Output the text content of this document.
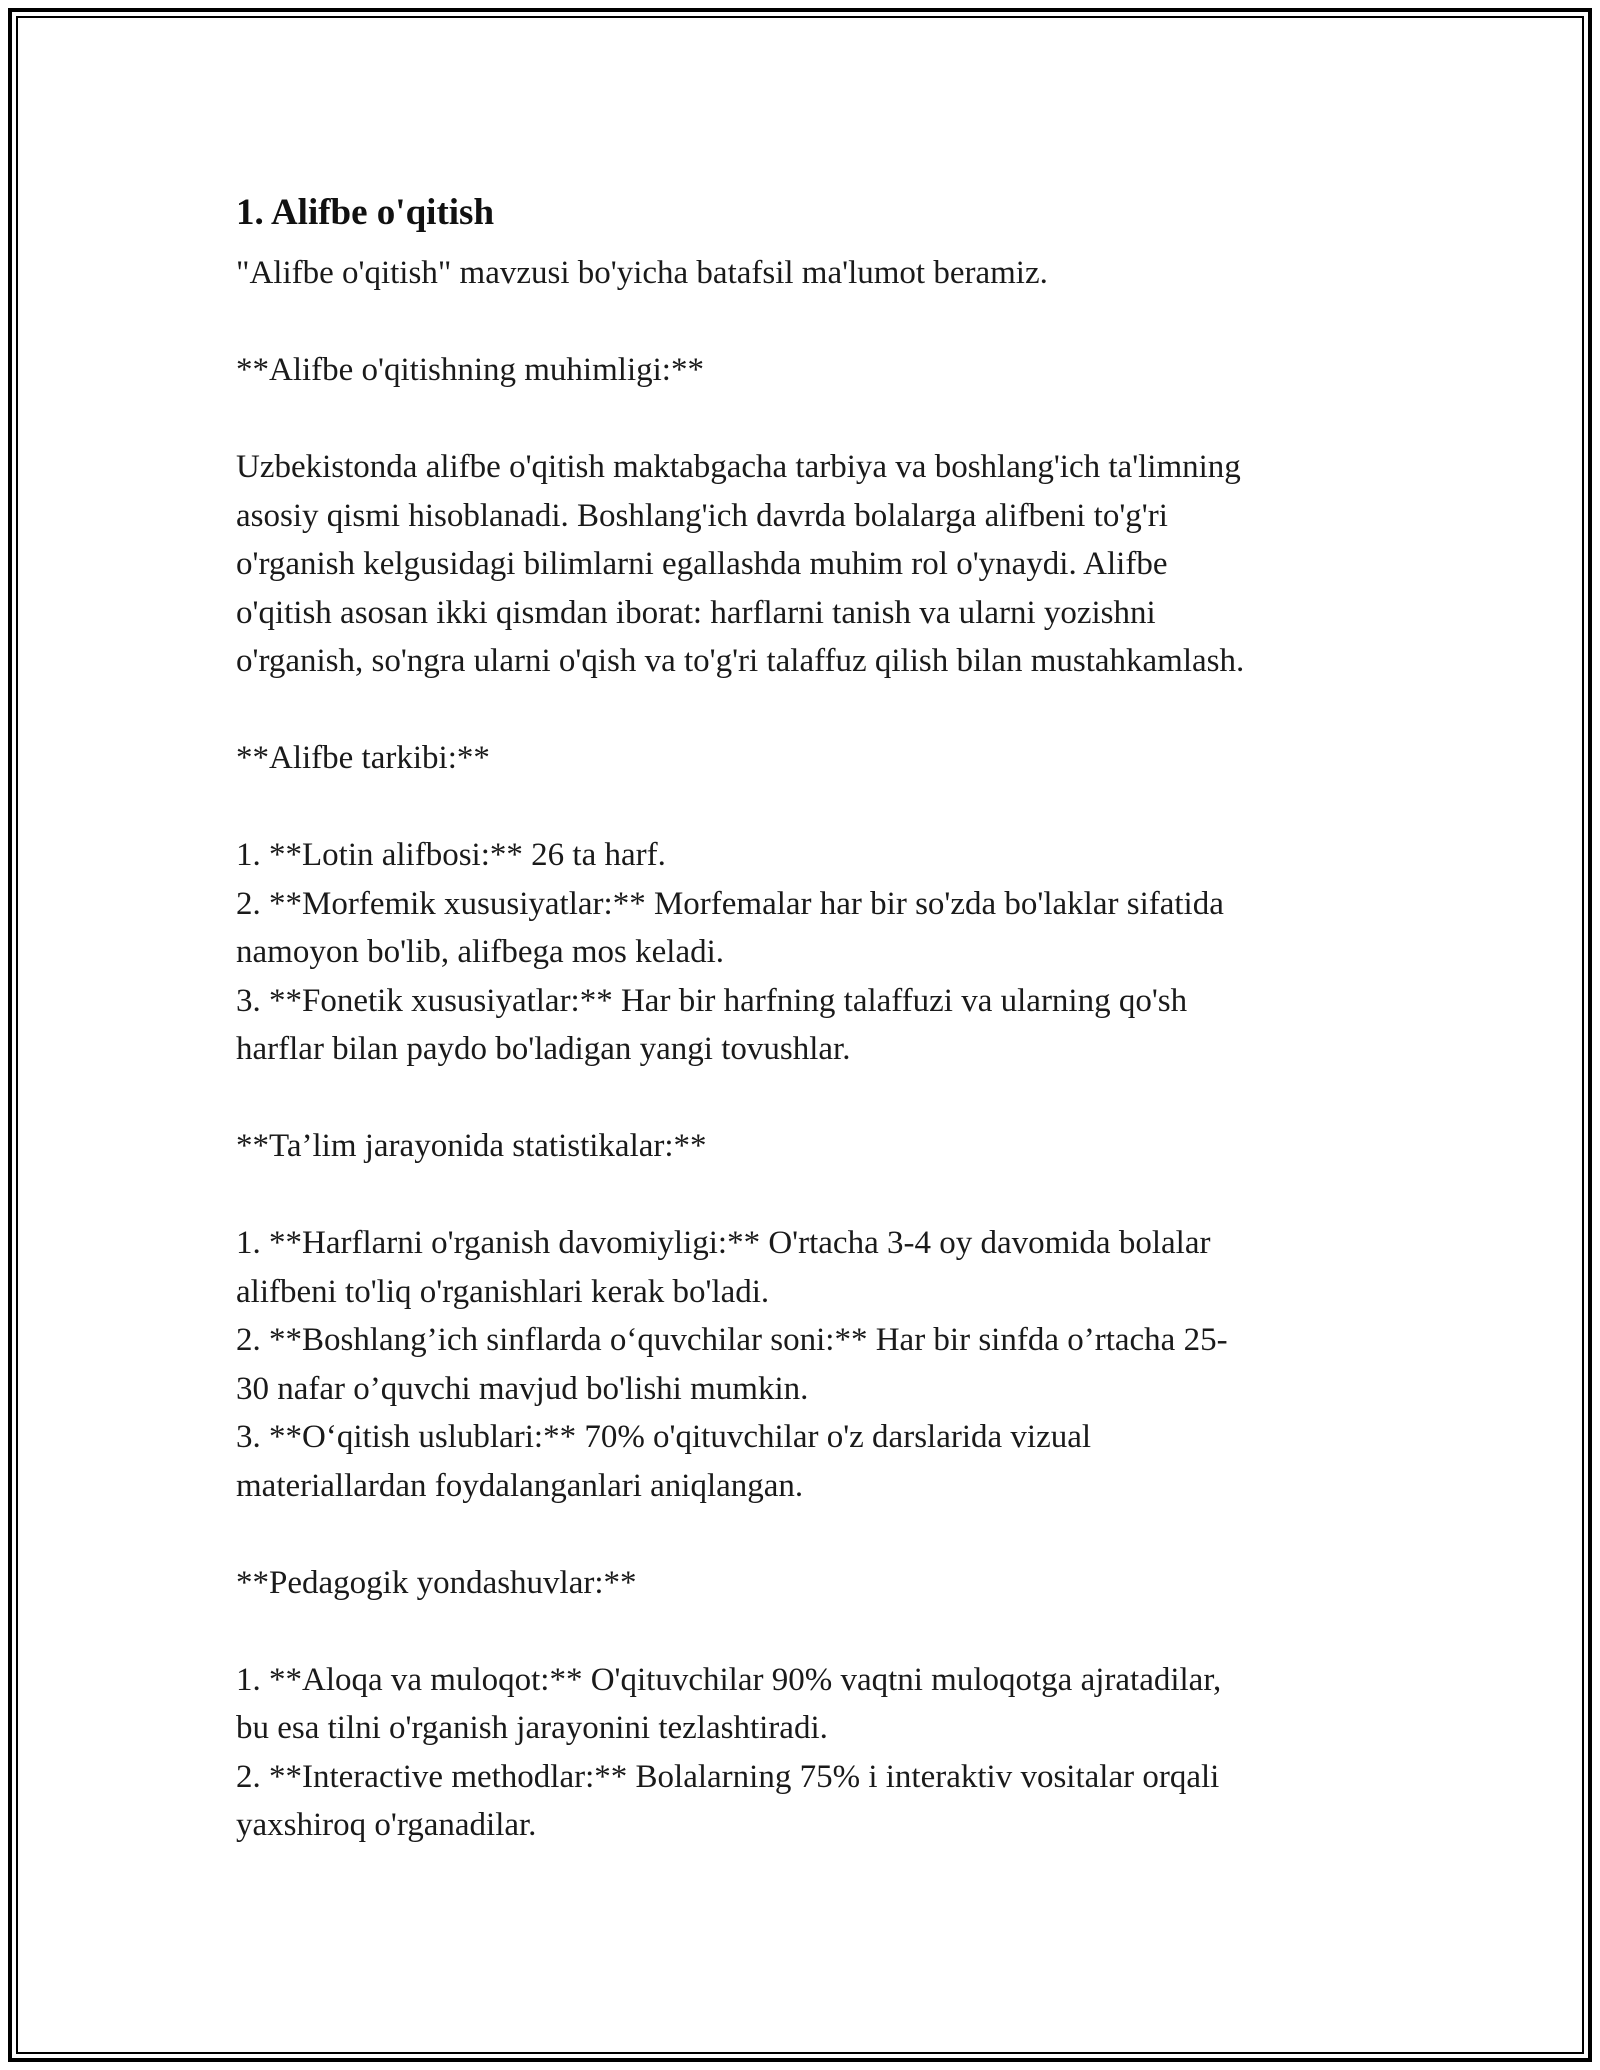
1. Alifbe o'qitish

"Alifbe o'qitish" mavzusi bo'yicha batafsil ma'lumot beramiz.

**Alifbe o'qitishning muhimligi:**

Uzbekistonda alifbe o'qitish maktabgacha tarbiya va boshlang'ich ta'limning
asosiy qismi hisoblanadi. Boshlang'ich davrda bolalarga alifbeni to'g'ri
o'rganish kelgusidagi bilimlarni egallashda muhim rol o'ynaydi. Alifbe
o'qitish asosan ikki qismdan iborat: harflarni tanish va ularni yozishni
o'rganish, so'ngra ularni o'qish va to'g'ri talaffuz qilish bilan mustahkamlash.

**Alifbe tarkibi:**

1. **Lotin alifbosi:** 26 ta harf.
2. **Morfemik xususiyatlar:** Morfemalar har bir so'zda bo'laklar sifatida
namoyon bo'lib, alifbega mos keladi.
3. **Fonetik xususiyatlar:** Har bir harfning talaffuzi va ularning qo'sh
harflar bilan paydo bo'ladigan yangi tovushlar.

**Ta’lim jarayonida statistikalar:**

1. **Harflarni o'rganish davomiyligi:** O'rtacha 3-4 oy davomida bolalar
alifbeni to'liq o'rganishlari kerak bo'ladi.
2. **Boshlang’ich sinflarda o‘quvchilar soni:** Har bir sinfda o’rtacha 25-
30 nafar o’quvchi mavjud bo'lishi mumkin.
3. **O‘qitish uslublari:** 70% o'qituvchilar o'z darslarida vizual
materiallardan foydalanganlari aniqlangan.

**Pedagogik yondashuvlar:**

1. **Aloqa va muloqot:** O'qituvchilar 90% vaqtni muloqotga ajratadilar,
bu esa tilni o'rganish jarayonini tezlashtiradi.
2. **Interactive methodlar:** Bolalarning 75% i interaktiv vositalar orqali
yaxshiroq o'rganadilar.
